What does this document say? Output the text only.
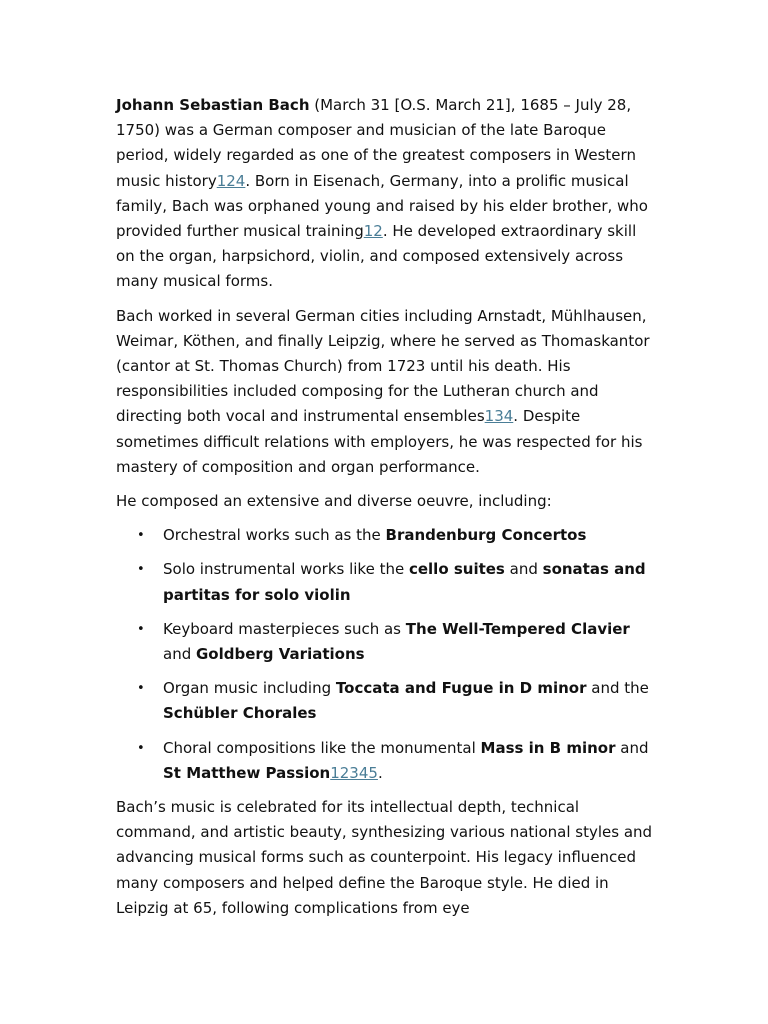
Johann Sebastian Bach (March 31 [O.S. March 21], 1685 – July 28, 1750) was a German composer and musician of the late Baroque period, widely regarded as one of the greatest composers in Western music history124. Born in Eisenach, Germany, into a prolific musical family, Bach was orphaned young and raised by his elder brother, who provided further musical training12. He developed extraordinary skill on the organ, harpsichord, violin, and composed extensively across many musical forms.

Bach worked in several German cities including Arnstadt, Mühlhausen, Weimar, Köthen, and finally Leipzig, where he served as Thomaskantor (cantor at St. Thomas Church) from 1723 until his death. His responsibilities included composing for the Lutheran church and directing both vocal and instrumental ensembles134. Despite sometimes difficult relations with employers, he was respected for his mastery of composition and organ performance.

He composed an extensive and diverse oeuvre, including:

• Orchestral works such as the Brandenburg Concertos
• Solo instrumental works like the cello suites and sonatas and partitas for solo violin
• Keyboard masterpieces such as The Well-Tempered Clavier and Goldberg Variations
• Organ music including Toccata and Fugue in D minor and the Schübler Chorales
• Choral compositions like the monumental Mass in B minor and St Matthew Passion12345.

Bach’s music is celebrated for its intellectual depth, technical command, and artistic beauty, synthesizing various national styles and advancing musical forms such as counterpoint. His legacy influenced many composers and helped define the Baroque style. He died in Leipzig at 65, following complications from eye
